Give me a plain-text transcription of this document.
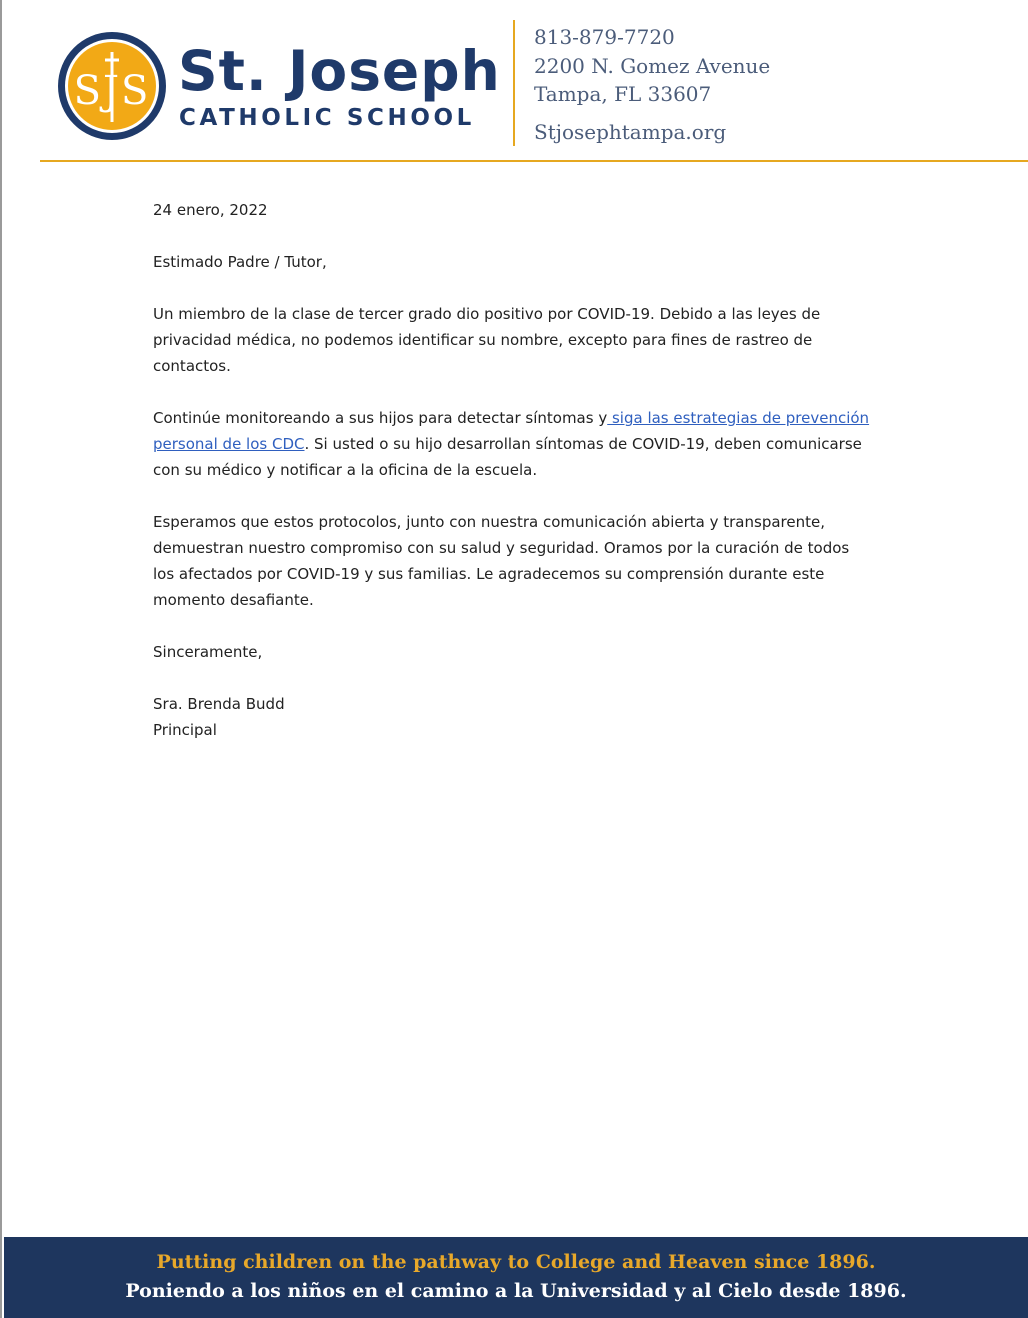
SJS St. Joseph
CATHOLIC SCHOOL
813-879-7720
2200 N. Gomez Avenue
Tampa, FL 33607
Stjosephtampa.org

24 enero, 2022

Estimado Padre / Tutor,

Un miembro de la clase de tercer grado dio positivo por COVID-19. Debido a las leyes de privacidad médica, no podemos identificar su nombre, excepto para fines de rastreo de contactos.

Continúe monitoreando a sus hijos para detectar síntomas y siga las estrategias de prevención personal de los CDC. Si usted o su hijo desarrollan síntomas de COVID-19, deben comunicarse con su médico y notificar a la oficina de la escuela.

Esperamos que estos protocolos, junto con nuestra comunicación abierta y transparente, demuestran nuestro compromiso con su salud y seguridad. Oramos por la curación de todos los afectados por COVID-19 y sus familias. Le agradecemos su comprensión durante este momento desafiante.

Sinceramente,

Sra. Brenda Budd

Principal

Putting children on the pathway to College and Heaven since 1896.
Poniendo a los niños en el camino a la Universidad y al Cielo desde 1896.
